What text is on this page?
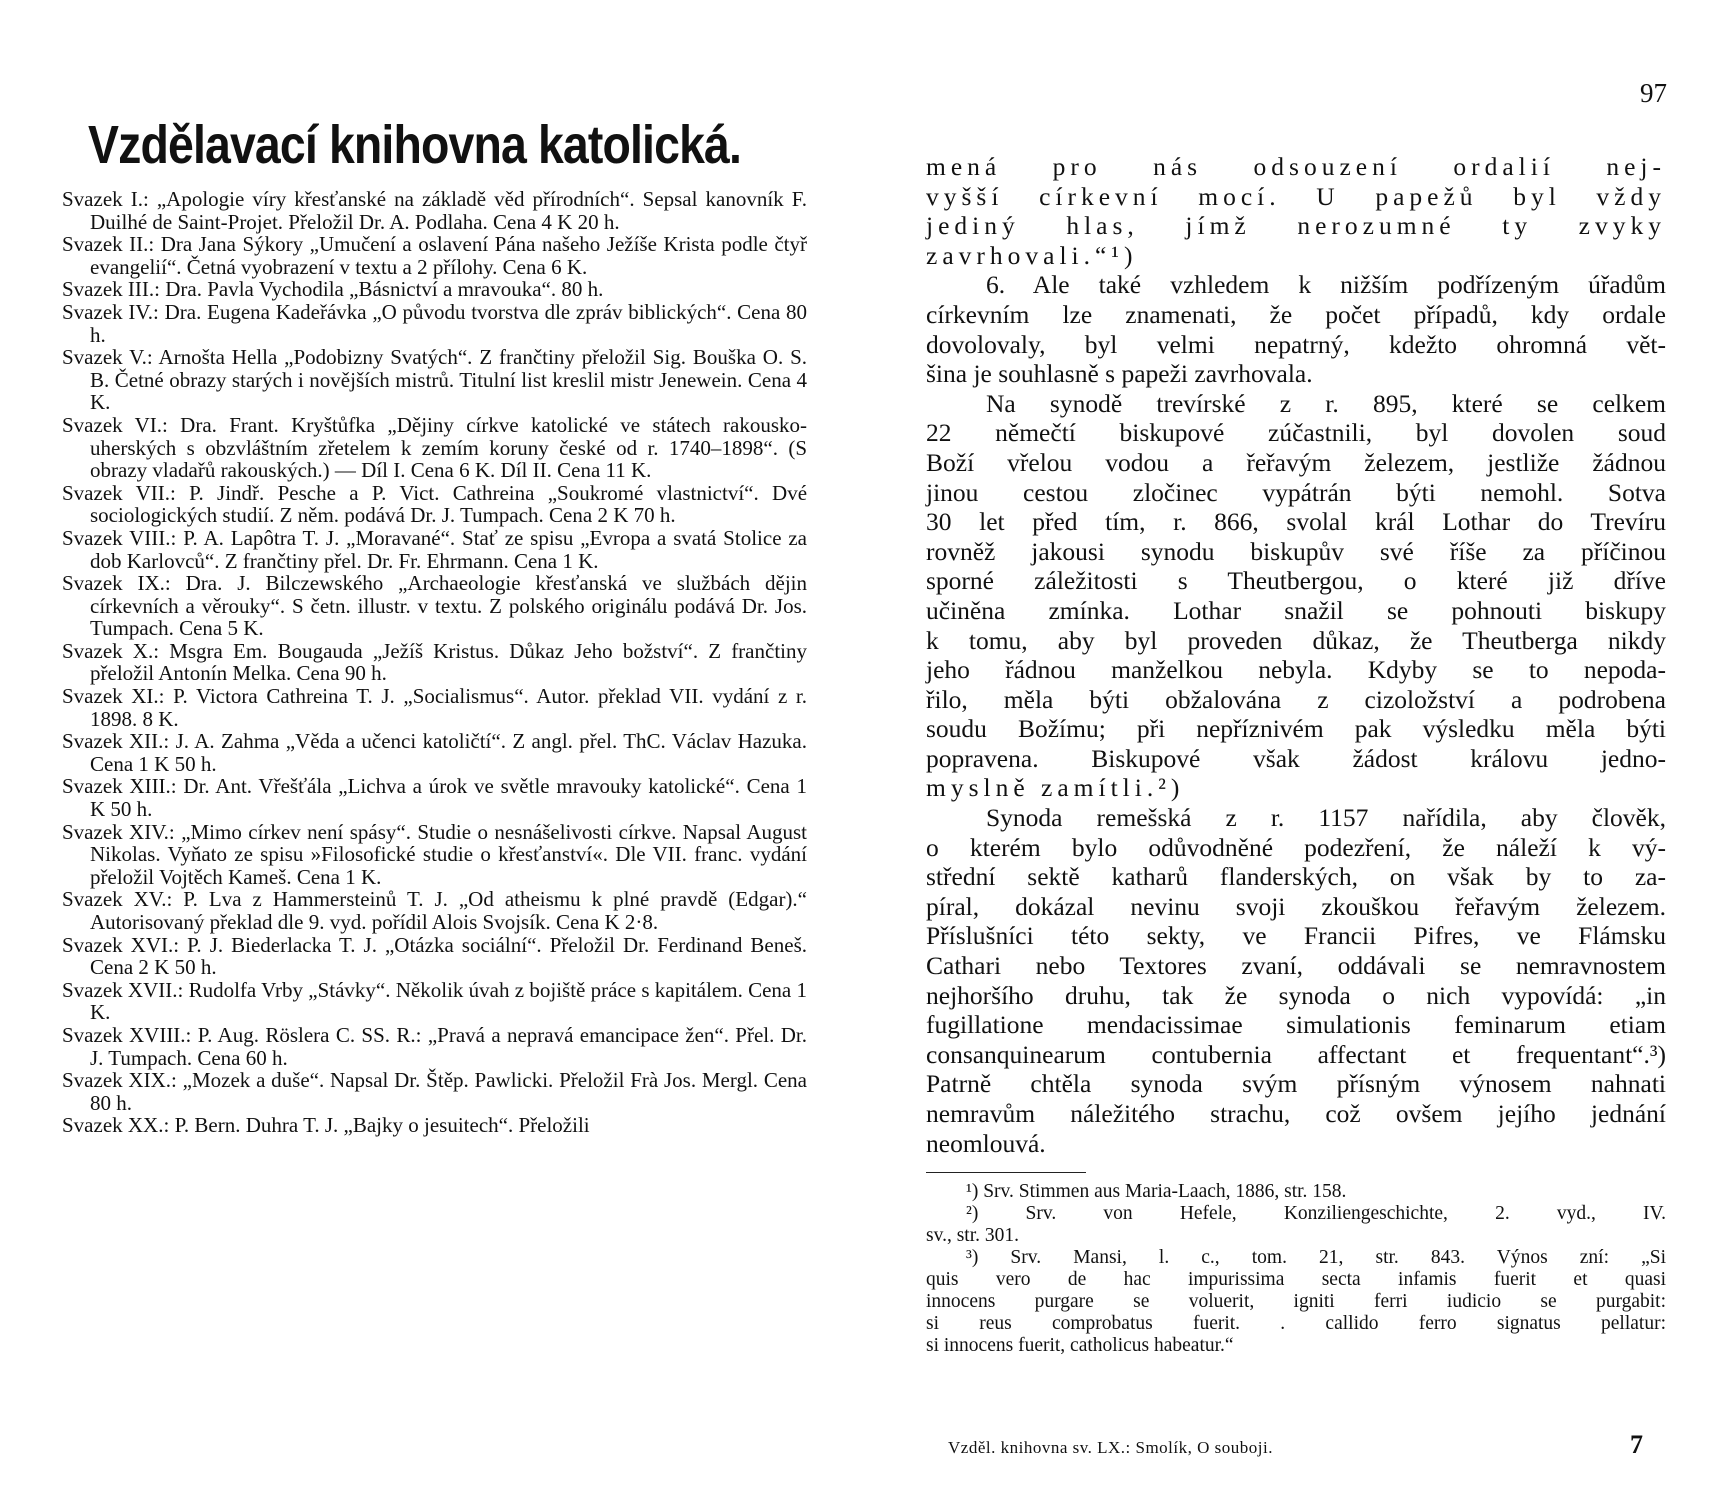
Vzdělavací knihovna katolická.

Svazek I.: „Apologie víry křesťanské na základě věd přírodních“. Sepsal kanovník F. Duilhé de Saint-Projet. Přeložil Dr. A. Podlaha. Cena 4 K 20 h.

Svazek II.: Dra Jana Sýkory „Umučení a oslavení Pána našeho Ježíše Krista podle čtyř evangelií“. Četná vyobrazení v textu a 2 přílohy. Cena 6 K.

Svazek III.: Dra. Pavla Vychodila „Básnictví a mravouka“. 80 h.

Svazek IV.: Dra. Eugena Kadeřávka „O původu tvorstva dle zpráv biblických“. Cena 80 h.

Svazek V.: Arnošta Hella „Podobizny Svatých“. Z frančtiny přeložil Sig. Bouška O. S. B. Četné obrazy starých i novějších mistrů. Titulní list kreslil mistr Jenewein. Cena 4 K.

Svazek VI.: Dra. Frant. Kryštůfka „Dějiny církve katolické ve státech rakousko-uherských s obzvláštním zřetelem k zemím koruny české od r. 1740–1898“. (S obrazy vladařů rakouských.) — Díl I. Cena 6 K. Díl II. Cena 11 K.

Svazek VII.: P. Jindř. Pesche a P. Vict. Cathreina „Soukromé vlastnictví“. Dvé sociologických studií. Z něm. podává Dr. J. Tumpach. Cena 2 K 70 h.

Svazek VIII.: P. A. Lapôtra T. J. „Moravané“. Stať ze spisu „Evropa a svatá Stolice za dob Karlovců“. Z frančtiny přel. Dr. Fr. Ehrmann. Cena 1 K.

Svazek IX.: Dra. J. Bilczewského „Archaeologie křesťanská ve službách dějin církevních a věrouky“. S četn. illustr. v textu. Z polského originálu podává Dr. Jos. Tumpach. Cena 5 K.

Svazek X.: Msgra Em. Bougauda „Ježíš Kristus. Důkaz Jeho božství“. Z frančtiny přeložil Antonín Melka. Cena 90 h.

Svazek XI.: P. Victora Cathreina T. J. „Socialismus“. Autor. překlad VII. vydání z r. 1898. 8 K.

Svazek XII.: J. A. Zahma „Věda a učenci katoličtí“. Z angl. přel. ThC. Václav Hazuka. Cena 1 K 50 h.

Svazek XIII.: Dr. Ant. Vřešťála „Lichva a úrok ve světle mravouky katolické“. Cena 1 K 50 h.

Svazek XIV.: „Mimo církev není spásy“. Studie o nesnášelivosti církve. Napsal August Nikolas. Vyňato ze spisu »Filosofické studie o křesťanství«. Dle VII. franc. vydání přeložil Vojtěch Kameš. Cena 1 K.

Svazek XV.: P. Lva z Hammersteinů T. J. „Od atheismu k plné pravdě (Edgar).“ Autorisovaný překlad dle 9. vyd. pořídil Alois Svojsík. Cena K 2·8.

Svazek XVI.: P. J. Biederlacka T. J. „Otázka sociální“. Přeložil Dr. Ferdinand Beneš. Cena 2 K 50 h.

Svazek XVII.: Rudolfa Vrby „Stávky“. Několik úvah z bojiště práce s kapitálem. Cena 1 K.

Svazek XVIII.: P. Aug. Röslera C. SS. R.: „Pravá a nepravá emancipace žen“. Přel. Dr. J. Tumpach. Cena 60 h.

Svazek XIX.: „Mozek a duše“. Napsal Dr. Štěp. Pawlicki. Přeložil Frà Jos. Mergl. Cena 80 h.

Svazek XX.: P. Bern. Duhra T. J. „Bajky o jesuitech“. Přeložili

97
mená pro nás odsouzení ordalií nej-
vyšší církevní mocí. U papežů byl vždy
jediný hlas, jímž nerozumné ty zvyky
zavrhovali.“¹)
6. Ale také vzhledem k nižším podřízeným úřadům
církevním lze znamenati, že počet případů, kdy ordale
dovolovaly, byl velmi nepatrný, kdežto ohromná vět-
šina je souhlasně s papeži zavrhovala.
Na synodě trevírské z r. 895, které se celkem
22 němečtí biskupové zúčastnili, byl dovolen soud
Boží vřelou vodou a řeřavým železem, jestliže žádnou
jinou cestou zločinec vypátrán býti nemohl. Sotva
30 let před tím, r. 866, svolal král Lothar do Trevíru
rovněž jakousi synodu biskupův své říše za příčinou
sporné záležitosti s Theutbergou, o které již dříve
učiněna zmínka. Lothar snažil se pohnouti biskupy
k tomu, aby byl proveden důkaz, že Theutberga nikdy
jeho řádnou manželkou nebyla. Kdyby se to nepoda-
řilo, měla býti obžalována z cizoložství a podrobena
soudu Božímu; při nepříznivém pak výsledku měla býti
popravena. Biskupové však žádost královu jedno-
myslně zamítli.²)
Synoda remešská z r. 1157 nařídila, aby člověk,
o kterém bylo odůvodněné podezření, že náleží k vý-
střední sektě katharů flanderských, on však by to za-
píral, dokázal nevinu svoji zkouškou řeřavým železem.
Příslušníci této sekty, ve Francii Pifres, ve Flámsku
Cathari nebo Textores zvaní, oddávali se nemravnostem
nejhoršího druhu, tak že synoda o nich vypovídá: „in
fugillatione mendacissimae simulationis feminarum etiam
consanquinearum contubernia affectant et frequentant“.³)
Patrně chtěla synoda svým přísným výnosem nahnati
nemravům náležitého strachu, což ovšem jejího jednání
neomlouvá.
¹) Srv. Stimmen aus Maria-Laach, 1886, str. 158.
²) Srv. von Hefele, Konziliengeschichte, 2. vyd., IV.
sv., str. 301.
³) Srv. Mansi, l. c., tom. 21, str. 843. Výnos zní: „Si
quis vero de hac impurissima secta infamis fuerit et quasi
innocens purgare se voluerit, igniti ferri iudicio se purgabit:
si reus comprobatus fuerit. . callido ferro signatus pellatur:
si innocens fuerit, catholicus habeatur.“
Vzděl. knihovna sv. LX.: Smolík, O souboji.	7
